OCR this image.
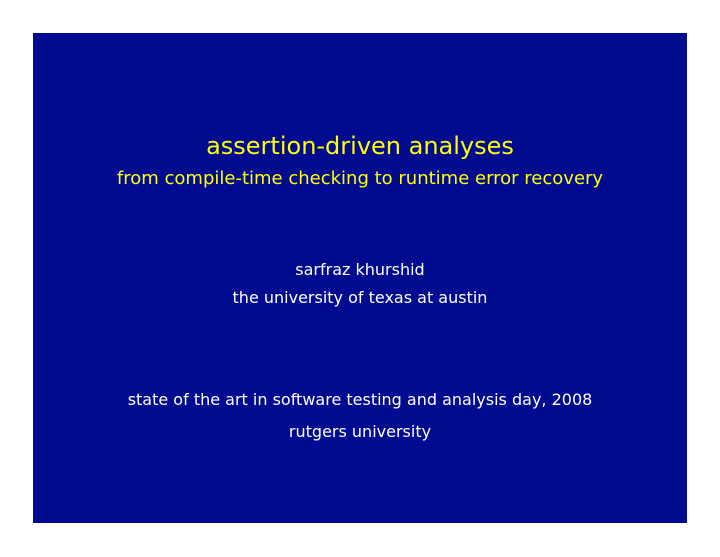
assertion-driven analyses
from compile-time checking to runtime error recovery
sarfraz khurshid
the university of texas at austin
state of the art in software testing and analysis day, 2008
rutgers university
